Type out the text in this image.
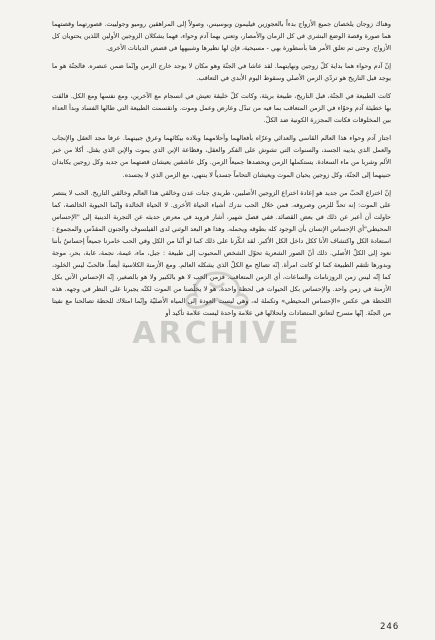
وهناك زوجان يلخصان جميع الأزواج بدءاً بالعجوزين فيليمون وبوسيس، وصولاً إلى المراهقين روميو وجولييت. قصورتهما وقصتهما هما صورة وقصة الوضع البشري في كل الزمان والأمصار، وتعني بهما آدم وحواء، فهما يشكلان الزوجين الأولين اللذين يحتويان كل الأزواج. وحتى تم تعلق الأمر هنا بأسطورة بهي - مسيحية، فإن لها نظيرها وشبيهها في قصص الديانات الأخرى.

إنّ آدم وحواء هما بداية كلّ زوجين ونهايتهما. لقد عاشا في الجنّة وهو مكان لا يوجد خارج الزمن وإنّما ضمن عنصره. فالجنّة هو ما يوجد قبل التاريخ هو تردّي الزمن الأصلي وسقوط اليوم الأبدي في التعاقب.

كانت الطبيعة في الجنّة، قبل التاريخ، طبيعة بريئة، وكانت كلّ خليقة تعيش في انسجام مع الآخرين، ومع نفسها ومع الكل. فالقت بها خطيئة آدم وحوّاء في الزمن المتعاقب بما فيه من تبدّل وعارض وعمل وموت. وانقسمت الطبيعة التي طالها الفساد وبدأ العداء بين المخلوقات فكانت المجزرة الكونية ضد الكلّ.

اجتاز آدم وحواء هذا العالم القاسي والعدائي وعرّاه بأفعالهما وأحلامهما وبلاده بيكائهما وعرق جبينهما. عرفا مجد العقل والإنجاب والعمل الذي يذيبه الجسد، والسنوات التي تشوش على الفكر والعقل، وفظاعة الإبن الذي يموت والإبن الذي يقتل. أكلا من خبز الألم وشربا من ماء السعادة. يستكملها الزمن ويحصدها جميعاً الزمن. وكل عاشقين يعيشان قصتهما من جديد وكل زوجين يكابدان حنينهما إلى الجنّة، وكل زوجين يحيان الموت ويعيشان التحاماً جسدياً لا ينتهي، مع الزمن الذي لا يجسده.

إنّ اختراع الحبّ من جديد هو إعادة اختراع الزوجين الأصليين، طريدي جنات عدن وخالقي هذا العالم وخالقي التاريخ. الحب لا ينتصر على الموت: إنه تحدٍّ للزمن وصروفه. فمن خلال الحب ندرك أشياء الحياة الأخرى. لا الحياة الخالدة وإنّما الحيوية الخالصة، كما حاولت أن أعبر عن ذلك في بعض القصائد. ففي فصل شهير، أشار فرويد في معرض حديثه عن التجربة الدينية إلى "الإحساس المحيطي"أي الإحساس الإنسان بأن الوجود كله بطوقه ويحمله. وهذا هو البعد الوثني لدى الفيلسوف والجنون المقدّس والمجموع : استعادة الكل واكتشاف الأنا ككل داخل الكل الأكبر. لقد انكّزنا على ذلك كما لو أنّنا من الكل وفي الحب خامرنا جميعاً إحساسٌ بأننا نعود إلى الكلّ الأصلي. ذلك أنّ الصور الشعرية تحوّل الشخص المحبوب إلى طبيعة : جبل، ماء، غيمة، نجمة، غابة، بحر، موجة وبدورها تلتقم الطبيعة كما لو كانت امرأة. إنّه تصالح مع الكلّ الذي يشكله العالم. ومع الأزمنة الكلاسية أيضاً. فالحبّ ليس الخلود، كما إنّه ليس زمن الروزنامات والساعات، أي الزمن المتعاقب. فزمن الحب لا هو بالكبير ولا هو بالصغير، إنّه الإحساس الآني بكل الأزمنة في زمن واحد. والإحساس بكل الحيوات في لحظة واحدة، هو لا يخلّصنا من الموت لكنّه يجبرنا على النظر في وجهه. هذه اللحظة هي عكس «الإحساس المحيطي» وتكملة له، وهي ليست العودة إلى المياه الأصليّة وإنّما امتلاك للحظة تصالحنا مع نفيتا من الجنّة. إنّها مسرح لتعانق المتضادات وانحلالها في علامة واحدة ليست علامة تأكيد أو

ARCHIVE
246
